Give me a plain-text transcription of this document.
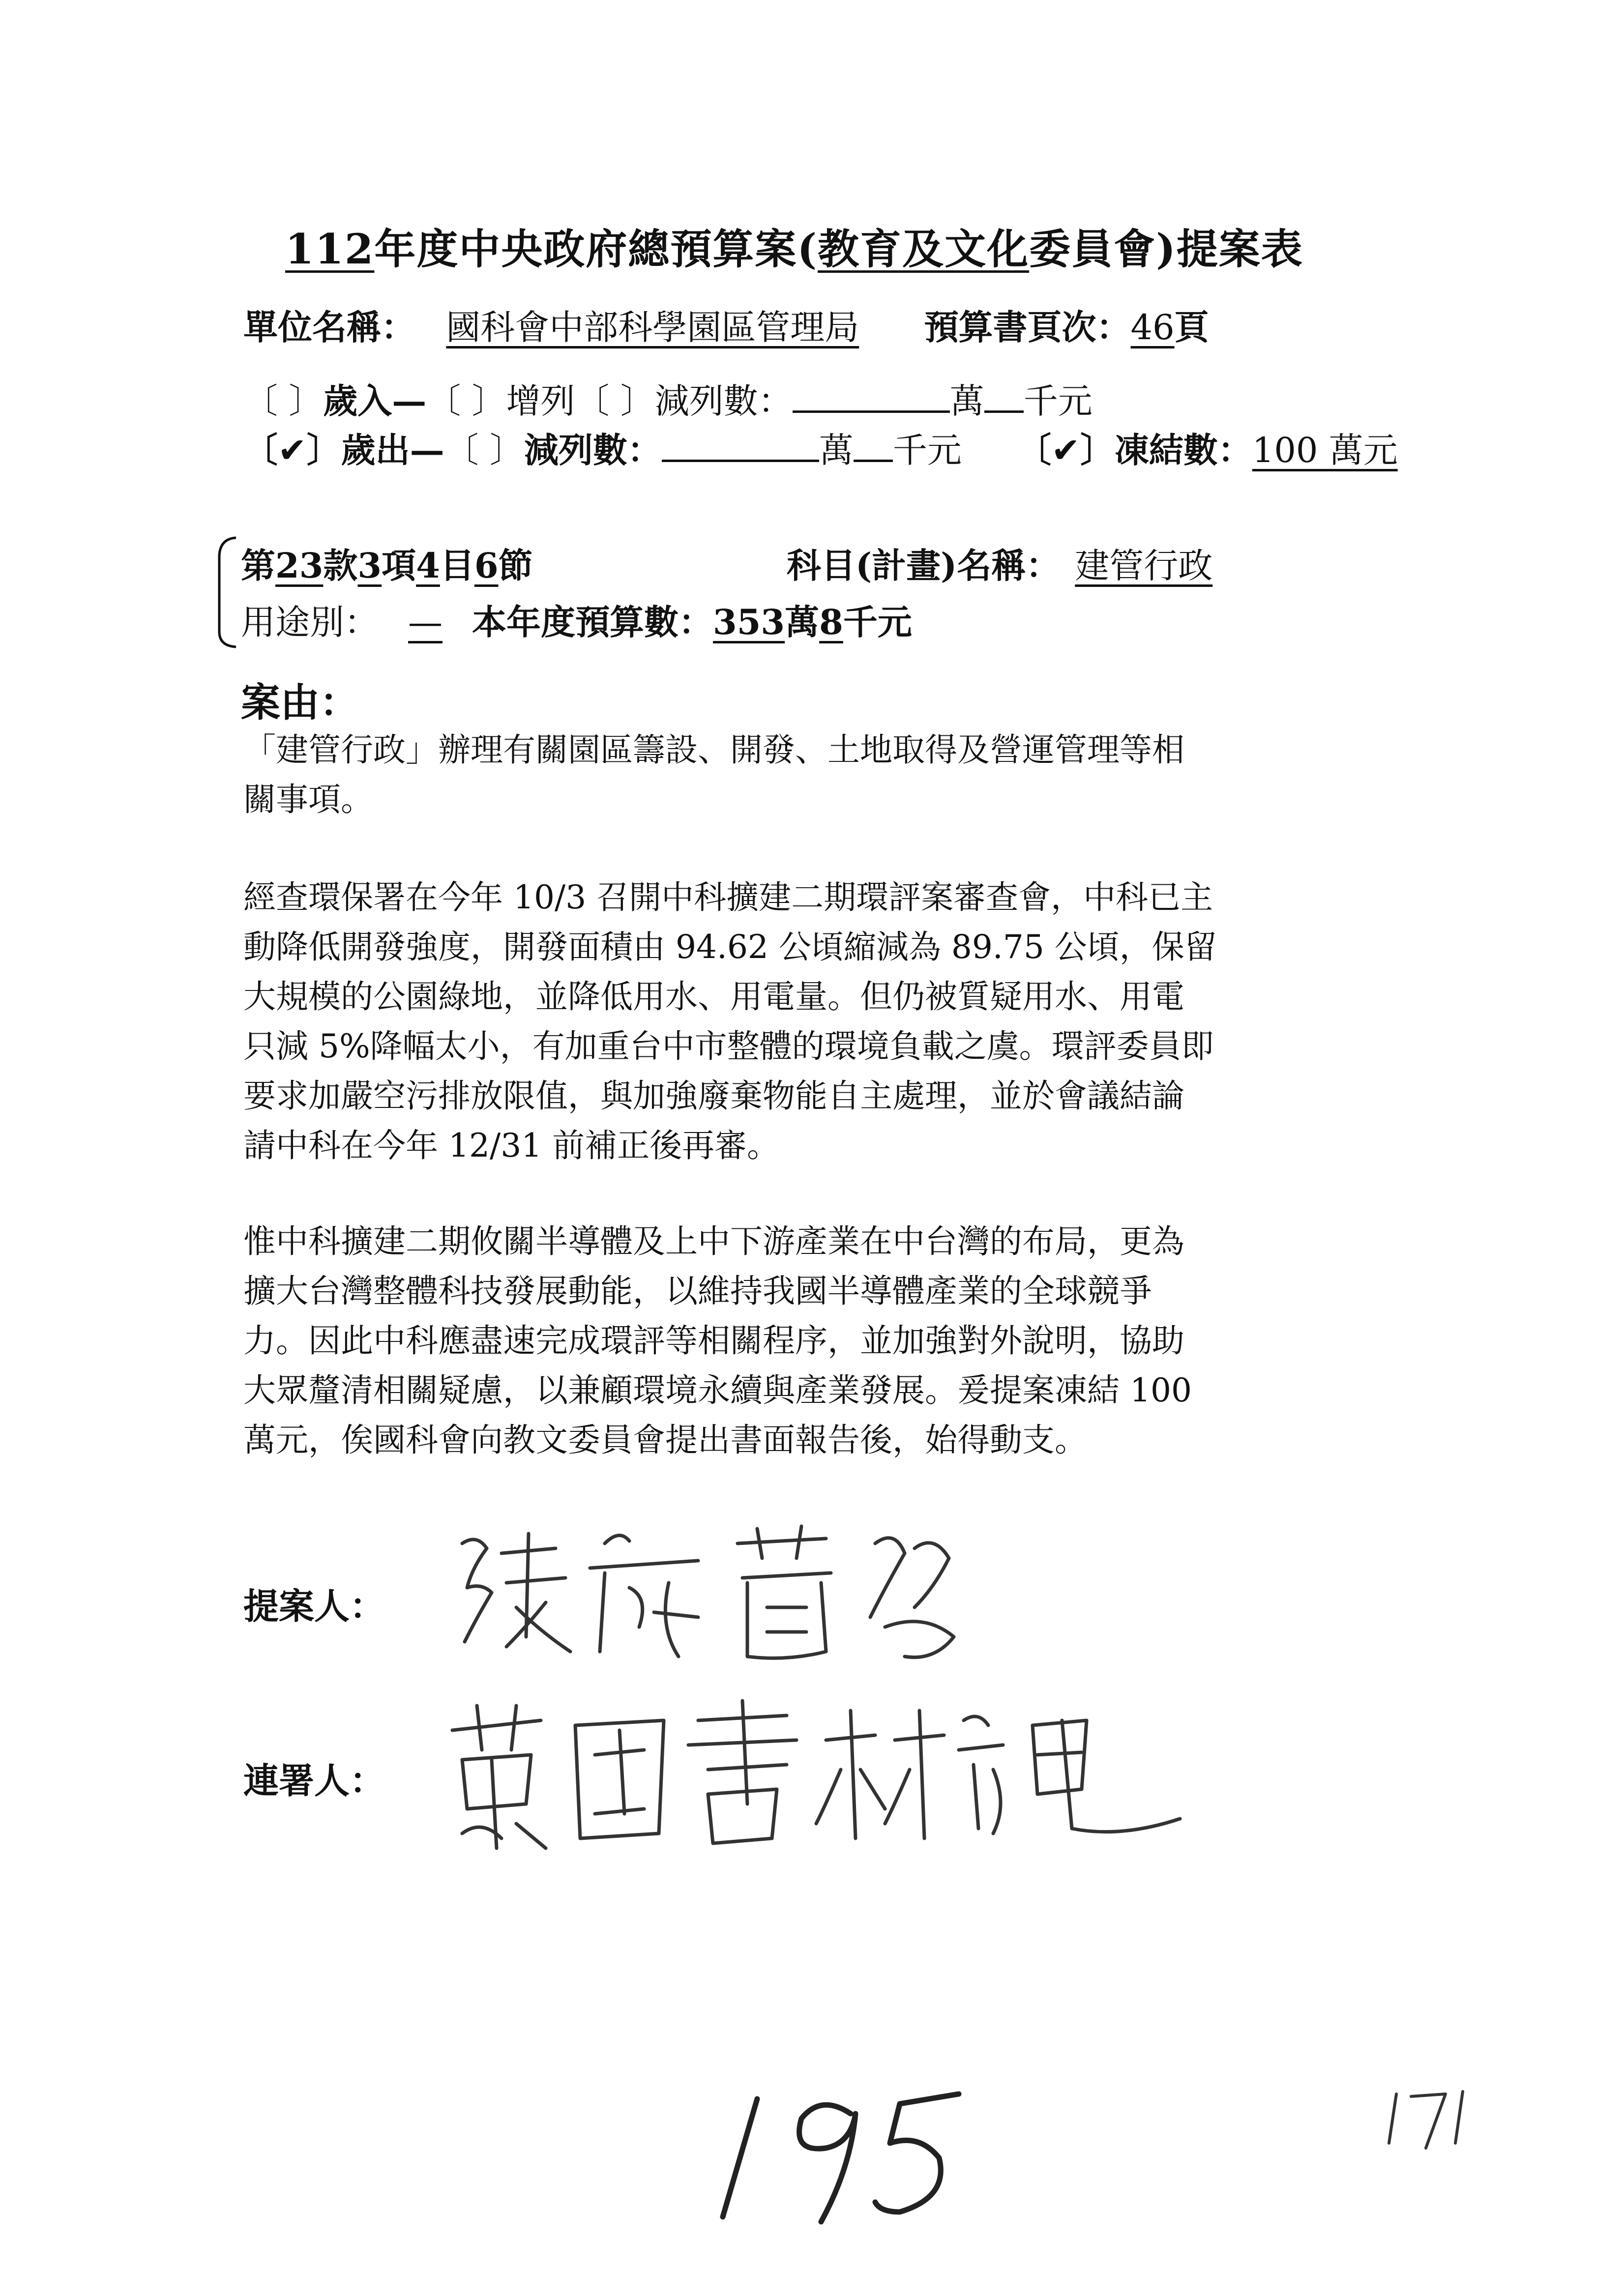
112年度中央政府總預算案(教育及文化委員會)提案表
單位名稱： 國科會中部科學園區管理局 預算書頁次：46頁
〔 〕歲入—〔 〕增列〔 〕減列數：	萬 千元
〔✔〕歲出—〔 〕減列數：	萬 千元 〔✔〕凍結數：100 萬元
第23款3項4目6節	科目(計畫)名稱： 建管行政
用途別： — 本年度預算數：353萬8千元
案由：

「建管行政」辦理有關園區籌設、開發、土地取得及營運管理等相

關事項。

經查環保署在今年 10/3 召開中科擴建二期環評案審查會，中科已主

動降低開發強度，開發面積由 94.62 公頃縮減為 89.75 公頃，保留

大規模的公園綠地，並降低用水、用電量。但仍被質疑用水、用電

只減 5%降幅太小，有加重台中市整體的環境負載之虞。環評委員即

要求加嚴空污排放限值，與加強廢棄物能自主處理，並於會議結論

請中科在今年 12/31 前補正後再審。

惟中科擴建二期攸關半導體及上中下游產業在中台灣的布局，更為

擴大台灣整體科技發展動能，以維持我國半導體產業的全球競爭

力。因此中科應盡速完成環評等相關程序，並加強對外說明，協助

大眾釐清相關疑慮，以兼顧環境永續與產業發展。爰提案凍結 100

萬元，俟國科會向教文委員會提出書面報告後，始得動支。

提案人：
連署人：
